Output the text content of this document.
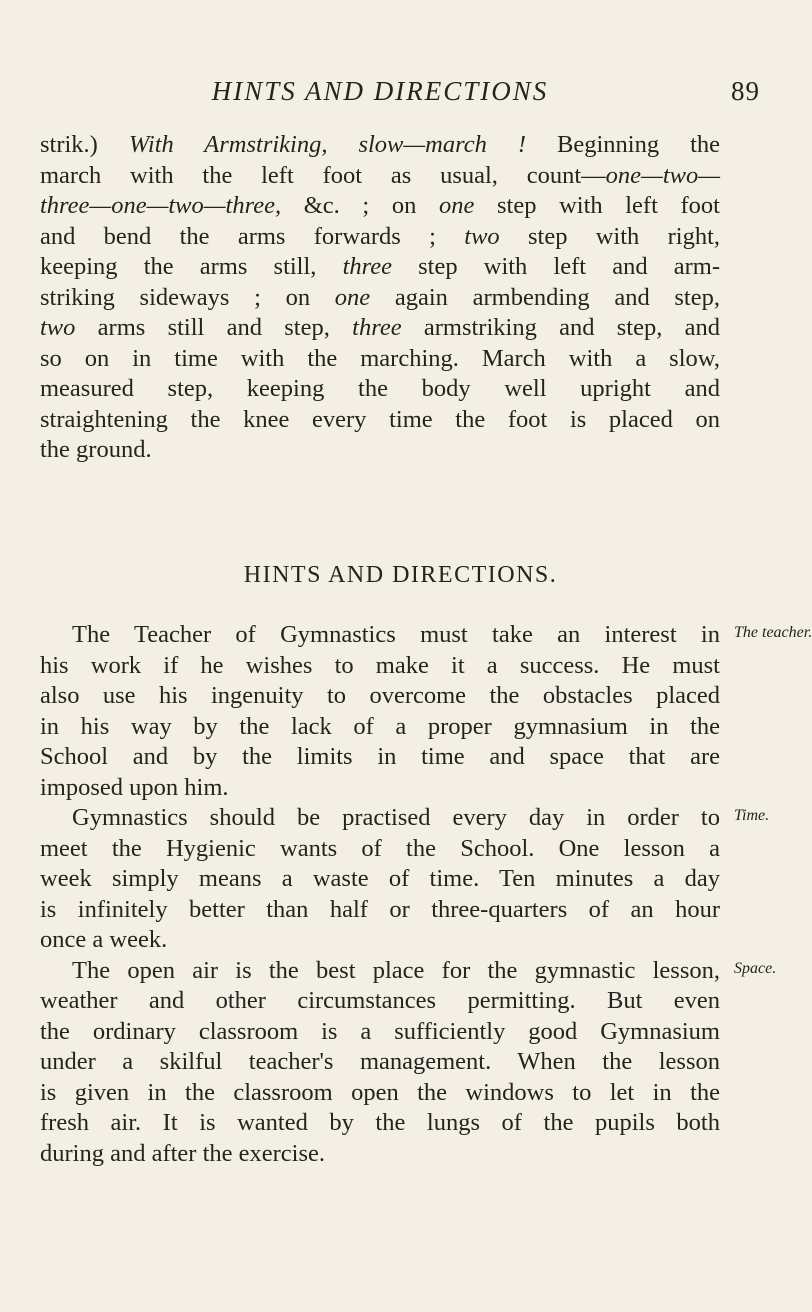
HINTS AND DIRECTIONS	89
strik.) With Armstriking, slow—march ! Beginning the
march with the left foot as usual, count—one—two—
three—one—two—three, &c. ; on one step with left foot
and bend the arms forwards ; two step with right,
keeping the arms still, three step with left and arm-
striking sideways ; on one again armbending and step,
two arms still and step, three armstriking and step, and
so on in time with the marching. March with a slow,
measured step, keeping the body well upright and
straightening the knee every time the foot is placed on
the ground.
HINTS AND DIRECTIONS.
The teacher.
The Teacher of Gymnastics must take an interest in
his work if he wishes to make it a success. He must
also use his ingenuity to overcome the obstacles placed
in his way by the lack of a proper gymnasium in the
School and by the limits in time and space that are
imposed upon him.
Time.
Gymnastics should be practised every day in order to
meet the Hygienic wants of the School. One lesson a
week simply means a waste of time. Ten minutes a day
is infinitely better than half or three-quarters of an hour
once a week.
Space.
The open air is the best place for the gymnastic lesson,
weather and other circumstances permitting. But even
the ordinary classroom is a sufficiently good Gymnasium
under a skilful teacher's management. When the lesson
is given in the classroom open the windows to let in the
fresh air. It is wanted by the lungs of the pupils both
during and after the exercise.
